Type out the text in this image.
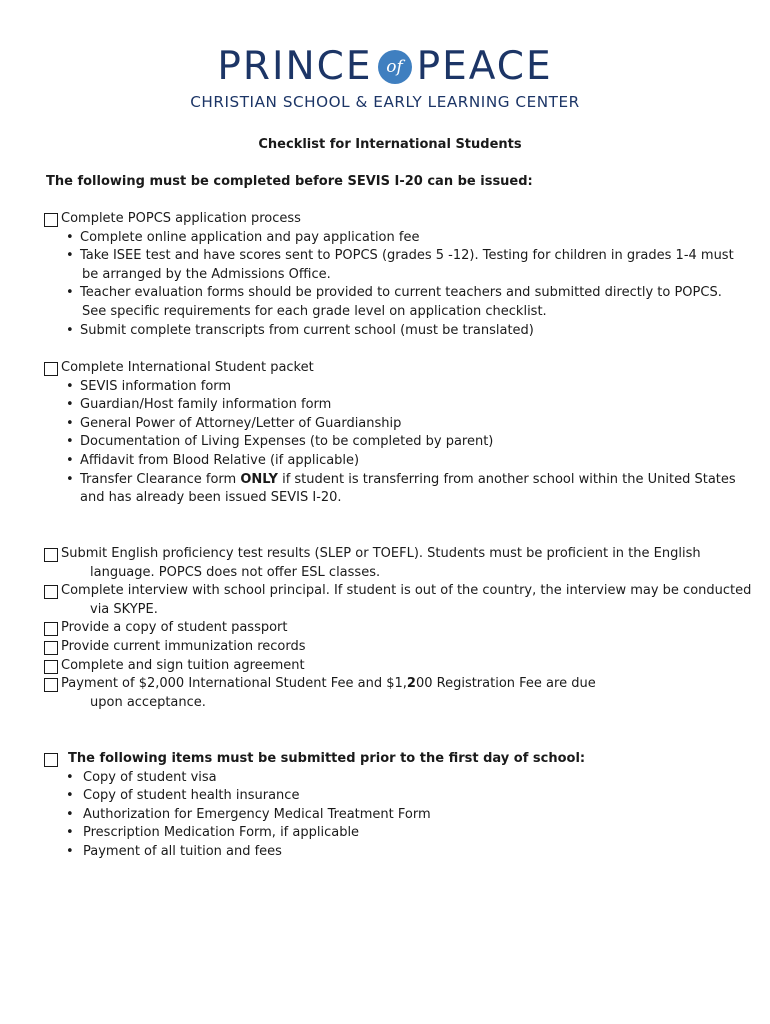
PRINCE of PEACE
CHRISTIAN SCHOOL & EARLY LEARNING CENTER
Checklist for International Students
The following must be completed before SEVIS I-20 can be issued:
Complete POPCS application process
• Complete online application and pay application fee
• Take ISEE test and have scores sent to POPCS (grades 5 -12). Testing for children in grades 1-4 must
be arranged by the Admissions Office.
• Teacher evaluation forms should be provided to current teachers and submitted directly to POPCS.
See specific requirements for each grade level on application checklist.
• Submit complete transcripts from current school (must be translated)
Complete International Student packet
• SEVIS information form
• Guardian/Host family information form
• General Power of Attorney/Letter of Guardianship
• Documentation of Living Expenses (to be completed by parent)
• Affidavit from Blood Relative (if applicable)
• Transfer Clearance form ONLY if student is transferring from another school within the United States
and has already been issued SEVIS I-20.
Submit English proficiency test results (SLEP or TOEFL). Students must be proficient in the English
language. POPCS does not offer ESL classes.
Complete interview with school principal. If student is out of the country, the interview may be conducted
via SKYPE.
Provide a copy of student passport
Provide current immunization records
Complete and sign tuition agreement
Payment of $2,000 International Student Fee and $1,200 Registration Fee are due
upon acceptance.
The following items must be submitted prior to the first day of school:
• Copy of student visa
• Copy of student health insurance
• Authorization for Emergency Medical Treatment Form
• Prescription Medication Form, if applicable
• Payment of all tuition and fees
